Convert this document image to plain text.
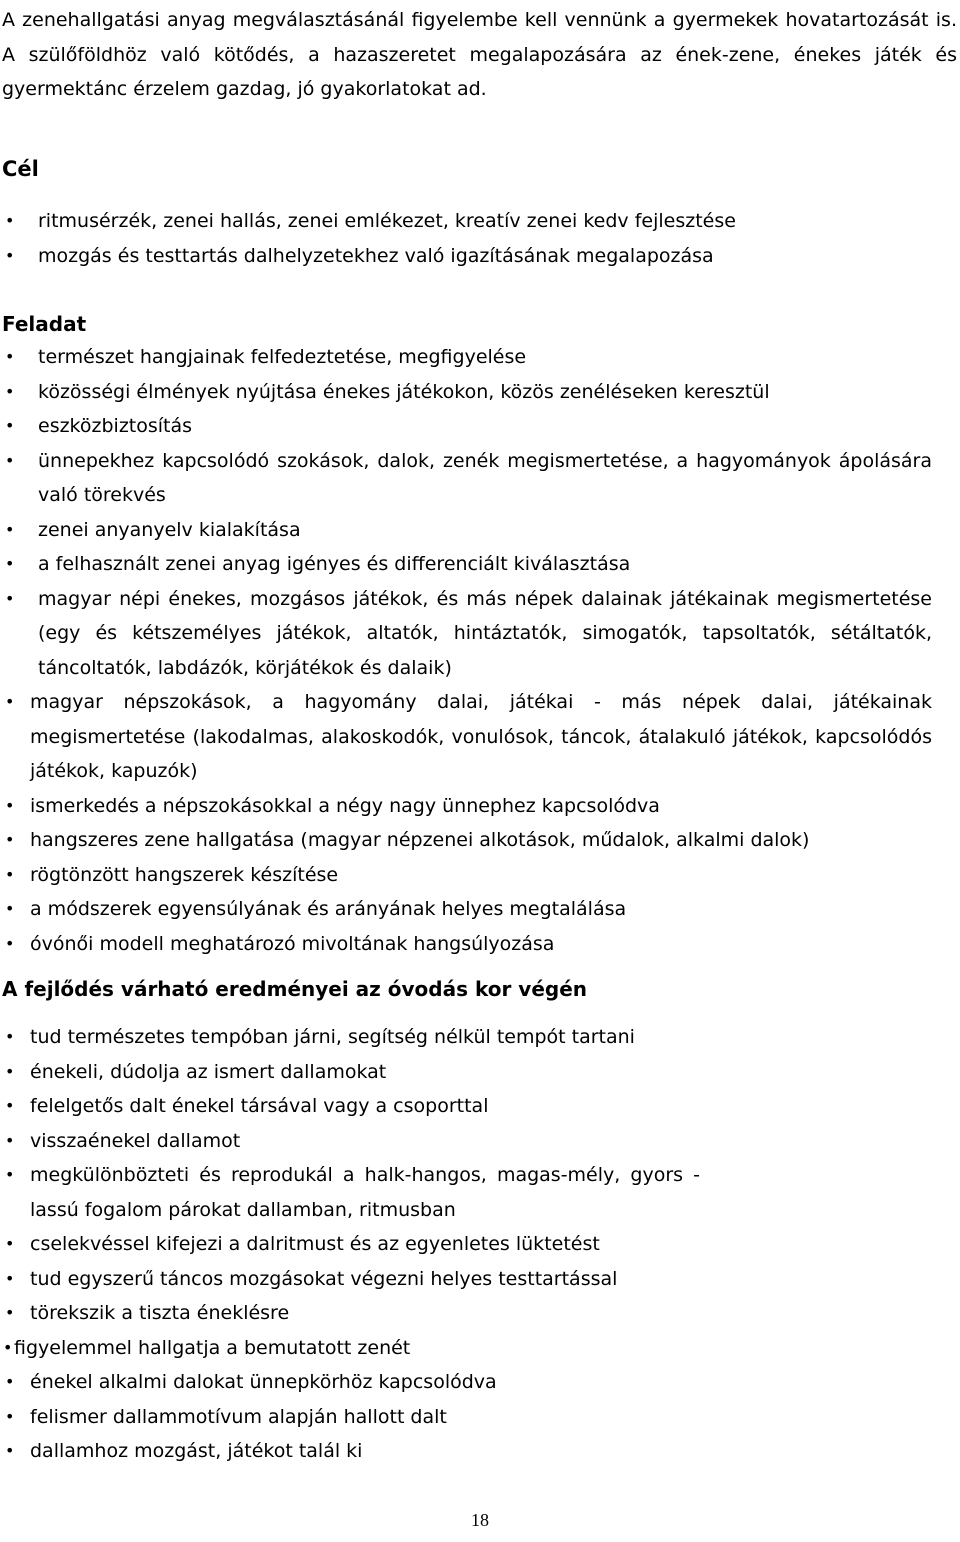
A zenehallgatási anyag megválasztásánál figyelembe kell vennünk a gyermekek hovatartozását is. A szülőföldhöz való kötődés, a hazaszeretet megalapozására az ének-zene, énekes játék és gyermektánc érzelem gazdag, jó gyakorlatokat ad.

Cél
• ritmusérzék, zenei hallás, zenei emlékezet, kreatív zenei kedv fejlesztése
• mozgás és testtartás dalhelyzetekhez való igazításának megalapozása
Feladat
• természet hangjainak felfedeztetése, megfigyelése
• közösségi élmények nyújtása énekes játékokon, közös zenéléseken keresztül
• eszközbiztosítás
• ünnepekhez kapcsolódó szokások, dalok, zenék megismertetése, a hagyományok ápolására való törekvés
• zenei anyanyelv kialakítása
• a felhasznált zenei anyag igényes és differenciált kiválasztása
• magyar népi énekes, mozgásos játékok, és más népek dalainak játékainak megismertetése (egy és kétszemélyes játékok, altatók, hintáztatók, simogatók, tapsoltatók, sétáltatók, táncoltatók, labdázók, körjátékok és dalaik)
• magyar népszokások, a hagyomány dalai, játékai - más népek dalai, játékainak megismertetése (lakodalmas, alakoskodók, vonulósok, táncok, átalakuló játékok, kapcsolódós játékok, kapuzók)
• ismerkedés a népszokásokkal a négy nagy ünnephez kapcsolódva
• hangszeres zene hallgatása (magyar népzenei alkotások, műdalok, alkalmi dalok)
• rögtönzött hangszerek készítése
• a módszerek egyensúlyának és arányának helyes megtalálása
• óvónői modell meghatározó mivoltának hangsúlyozása
A fejlődés várható eredményei az óvodás kor végén
• tud természetes tempóban járni, segítség nélkül tempót tartani
• énekeli, dúdolja az ismert dallamokat
• felelgetős dalt énekel társával vagy a csoporttal
• visszaénekel dallamot
• megkülönbözteti és reprodukál a halk-hangos, magas-mély, gyors - lassú fogalom párokat dallamban, ritmusban
• cselekvéssel kifejezi a dalritmust és az egyenletes lüktetést
• tud egyszerű táncos mozgásokat végezni helyes testtartással
• törekszik a tiszta éneklésre
• figyelemmel hallgatja a bemutatott zenét
• énekel alkalmi dalokat ünnepkörhöz kapcsolódva
• felismer dallammotívum alapján hallott dalt
• dallamhoz mozgást, játékot talál ki
18
